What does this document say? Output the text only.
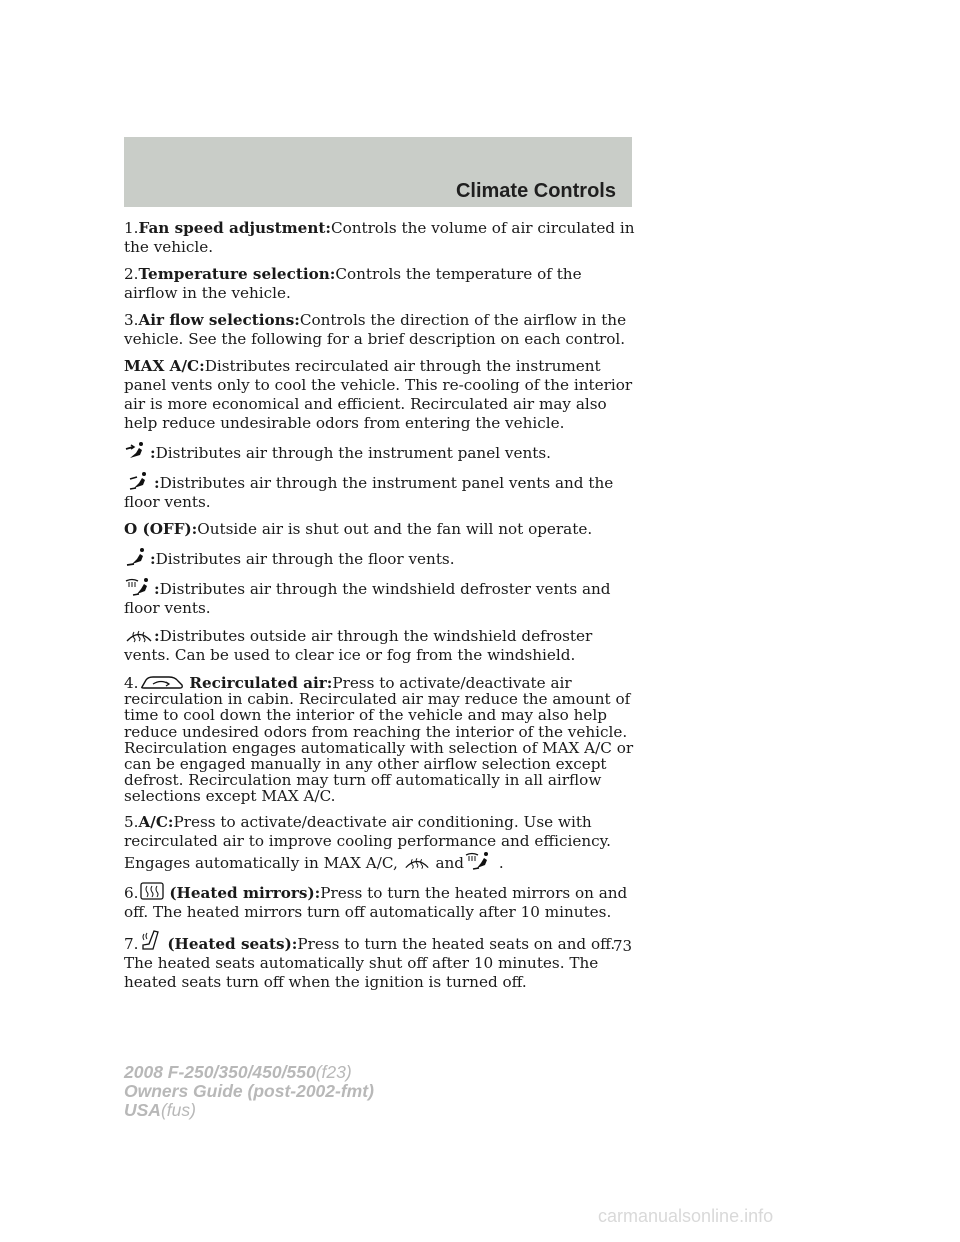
Climate Controls

1.Fan speed adjustment:Controls the volume of air circulated in the vehicle.

2.Temperature selection:Controls the temperature of the airflow in the vehicle.

3.Air flow selections:Controls the direction of the airflow in the vehicle. See the following for a brief description on each control.

MAX A/C:Distributes recirculated air through the instrument panel vents only to cool the vehicle. This re-cooling of the interior air is more economical and efficient. Recirculated air may also help reduce undesirable odors from entering the vehicle.

:Distributes air through the instrument panel vents.

:Distributes air through the instrument panel vents and the floor vents.

O (OFF):Outside air is shut out and the fan will not operate.

:Distributes air through the floor vents.

:Distributes air through the windshield defroster vents and floor vents.

:Distributes outside air through the windshield defroster vents. Can be used to clear ice or fog from the windshield.

4.	Recirculated air:Press to activate/deactivate air recirculation in cabin. Recirculated air may reduce the amount of time to cool down the interior of the vehicle and may also help reduce undesired odors from reaching the interior of the vehicle. Recirculation engages automatically with selection of MAX A/C or can be engaged manually in any other airflow selection except defrost. Recirculation may turn off automatically in all airflow selections except MAX A/C.

5.A/C:Press to activate/deactivate air conditioning. Use with recirculated air to improve cooling performance and efficiency. Engages automatically in MAX A/C, and .

6. (Heated mirrors):Press to turn the heated mirrors on and off. The heated mirrors turn off automatically after 10 minutes.

7. (Heated seats):Press to turn the heated seats on and off. The heated seats automatically shut off after 10 minutes. The heated seats turn off when the ignition is turned off.

73
2008 F-250/350/450/550(f23)
Owners Guide (post-2002-fmt)
USA(fus)
carmanualsonline.info
